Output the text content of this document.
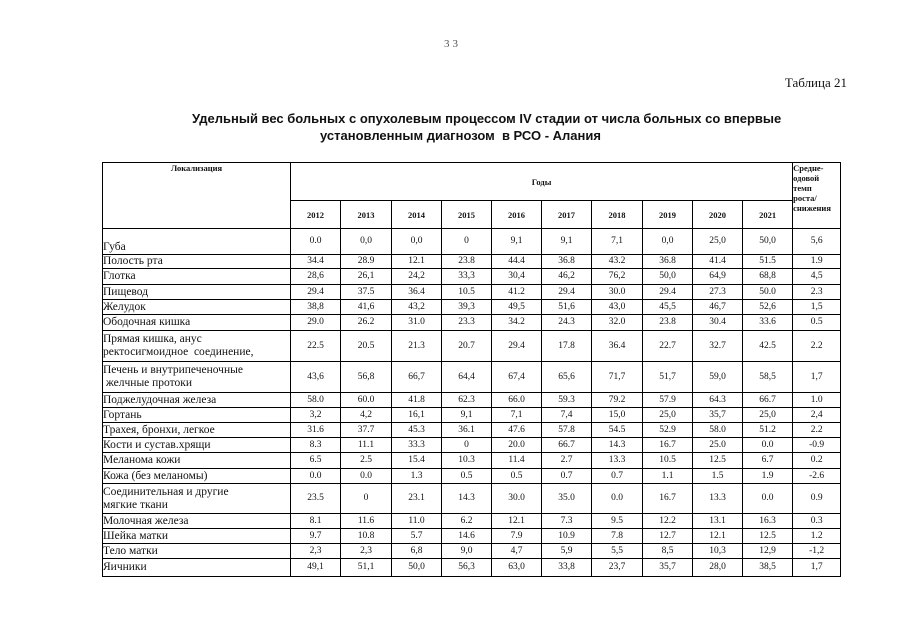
33
Таблица 21
Удельный вес больных с опухолевым процессом IV стадии от числа больных со впервые
установленным диагнозом  в РСО - Алания
Локализация	Годы										Средне-
одовой
темп
роста/
снижения

	2012	2013	2014	2015	2016	2017	2018	2019	2020	2021	

Губа	0.0	0,0	0,0	0	9,1	9,1	7,1	0,0	25,0	50,0	5,6

Полость рта	34.4	28.9	12.1	23.8	44.4	36.8	43.2	36.8	41.4	51.5	1.9

Глотка	28,6	26,1	24,2	33,3	30,4	46,2	76,2	50,0	64,9	68,8	4,5

Пищевод	29.4	37.5	36.4	10.5	41.2	29.4	30.0	29.4	27.3	50.0	2.3

Желудок	38,8	41,6	43,2	39,3	49,5	51,6	43,0	45,5	46,7	52,6	1,5

Ободочная кишка	29.0	26.2	31.0	23.3	34.2	24.3	32.0	23.8	30.4	33.6	0.5

Прямая кишка, анус
ректосигмоидное  соединение,	22.5	20.5	21.3	20.7	29.4	17.8	36.4	22.7	32.7	42.5	2.2

Печень и внутрипеченочные
желчные протоки	43,6	56,8	66,7	64,4	67,4	65,6	71,7	51,7	59,0	58,5	1,7

Поджелудочная железа	58.0	60.0	41.8	62.3	66.0	59.3	79.2	57.9	64.3	66.7	1.0

Гортань	3,2	4,2	16,1	9,1	7,1	7,4	15,0	25,0	35,7	25,0	2,4

Трахея, бронхи, легкое	31.6	37.7	45.3	36.1	47.6	57.8	54.5	52.9	58.0	51.2	2.2

Кости и сустав.хрящи	8.3	11.1	33.3	0	20.0	66.7	14.3	16.7	25.0	0.0	-0.9

Меланома кожи	6.5	2.5	15.4	10.3	11.4	2.7	13.3	10.5	12.5	6.7	0.2

Кожа (без меланомы)	0.0	0.0	1.3	0.5	0.5	0.7	0.7	1.1	1.5	1.9	-2.6

Соединительная и другие
мягкие ткани	23.5	0	23.1	14.3	30.0	35.0	0.0	16.7	13.3	0.0	0.9

Молочная железа	8.1	11.6	11.0	6.2	12.1	7.3	9.5	12.2	13.1	16.3	0.3

Шейка матки	9.7	10.8	5.7	14.6	7.9	10.9	7.8	12.7	12.1	12.5	1.2

Тело матки	2,3	2,3	6,8	9,0	4,7	5,9	5,5	8,5	10,3	12,9	-1,2

Яичники	49,1	51,1	50,0	56,3	63,0	33,8	23,7	35,7	28,0	38,5	1,7
